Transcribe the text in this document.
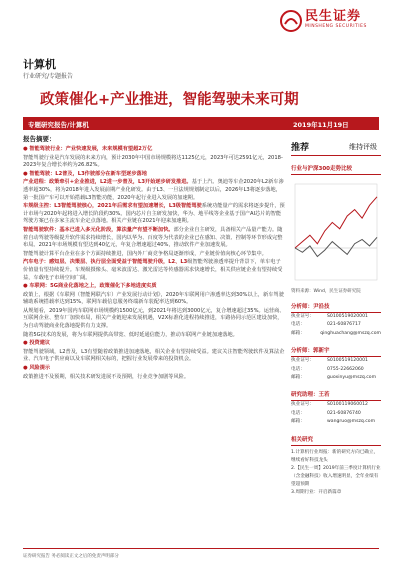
民生证券
MINSHENG SECURITIES
计算机
行业研究/专题报告
政策催化+产业推进，智能驾驶未来可期
专题研究报告/计算机	2019年11月19日
报告摘要：

● 智能驾驶行业：产业快速发展，未来规模有望超2万亿

智能驾驶行业是汽车发展的未来方向，预计2030年中国市场规模将达1125亿元，2023年可达2591亿元，2018-2023年复合增长率约为26.82%。

● 智能驾驶：L2普及，L3作驶部分在新车型逐步落地

产业进程：政策牵引+企业推进，L2进一步普及，L3开始逐步研发推进。基于上汽、奥迪等车企2020年L2新车渗透率超30%，将为2018年进入发展前期产业化研发。由于L3、一旦法规规划制定以后，2026年L3将逐步落地，第一批国产车可以开始搭载L3智能功能，2020年起行业进入发展的加速期。

车规级主控：L3智能驾驶核心，2021年后需求有望加速增长，L3级智能驾驶系统功能量产的需求将逐步提升，预计市场与2020年起将进入增长阶段约30%。国内芯片自主研发加快，华为、地平线等企业基于国产AI芯片的智能驾驶方案已在多家主流车企定点落地。相关产业链在2021年迎来加速期。

智能驾驶软件：基本已进入多元化阶段，算法量产有望不断加快。部分企业自主研发，具备相关产品量产能力。随着自动驾驶等级提升软件需求持续增长，国内以华为、百度等为代表的企业已在感知、决策、控制等环节形成完整布局。2021年市场规模有望达到40亿元，年复合增速超过40%，推动软件产业加速发展。

智能驾驶计算平台企业在多个方面持续推进，国内外厂商竞争格局逐渐形成，产业链价值向核心环节集中。

汽车电子：感知层、决策层、执行层全面受益于智能驾驶升级，L2、L3级智能驾驶渗透率提升背景下，单车电子价值量有望持续提升。车规级摄像头、毫米波雷达、激光雷达等传感器需求快速增长，相关供应链企业有望持续受益，车载电子市场空间广阔。

● 车联网：5G商业化落地之上，政策催化下多地进度实质

政策上，根据《车联网（智能网联汽车）产业发展行动计划》，2020年车联网用户渗透率达到30%以上，新车驾驶辅助系统搭载率达到15%，联网车载信息服务终端新车装配率达到60%。

从规划看，2019年国内车联网市场规模约1500亿元，到2021年将达到3000亿元，复合增速超过35%。运营商、互联网企业、整车厂加快布局，相关产业链迎来发展机遇，V2X标准化进程持续推进，车路协同示范区建设加快，为自动驾驶商业化落地提供有力支撑。

随着5G技术的发展，将为车联网提供高带宽、低时延通信能力，推动车联网产业链加速落地。

● 投资建议

智能驾驶领域，L2普及，L3有望随着政策推进加速落地，相关企业有望持续受益。建议关注智能驾驶软件及算法企业、汽车电子供应商以及车联网相关标的，把握行业发展带来的投资机会。

● 风险提示

政策推进不及预期，相关技术研发进展不及预期，行业竞争加剧等风险。

推荐	维持评级
行业与沪深300走势比较
资料来源：Wind，民生证券研究院
分析师：尹沿技
执业证号：	S0100519020001
电话：	021-60876717
邮箱：	qinghuachang@mszq.com
分析师：郭新宇
执业证号：	S0100519120001
电话：	0755-22662060
邮箱：	guoxinyu@mszq.com
研究助理：王若
执业证号：	S0100119060012
电话：	021-60876740
邮箱：	wangruo@mszq.com
相关研究
1.计算机行业周报：新的研究方向已确立，继续看好科技龙头
2.【民生一周】2019年前三季度计算机行业（含金融科技）收入增速明显，全年业绩有望超预期
3.周期行业：开启新篇章
证券研究报告 务必阅读正文之后的免责声明部分
